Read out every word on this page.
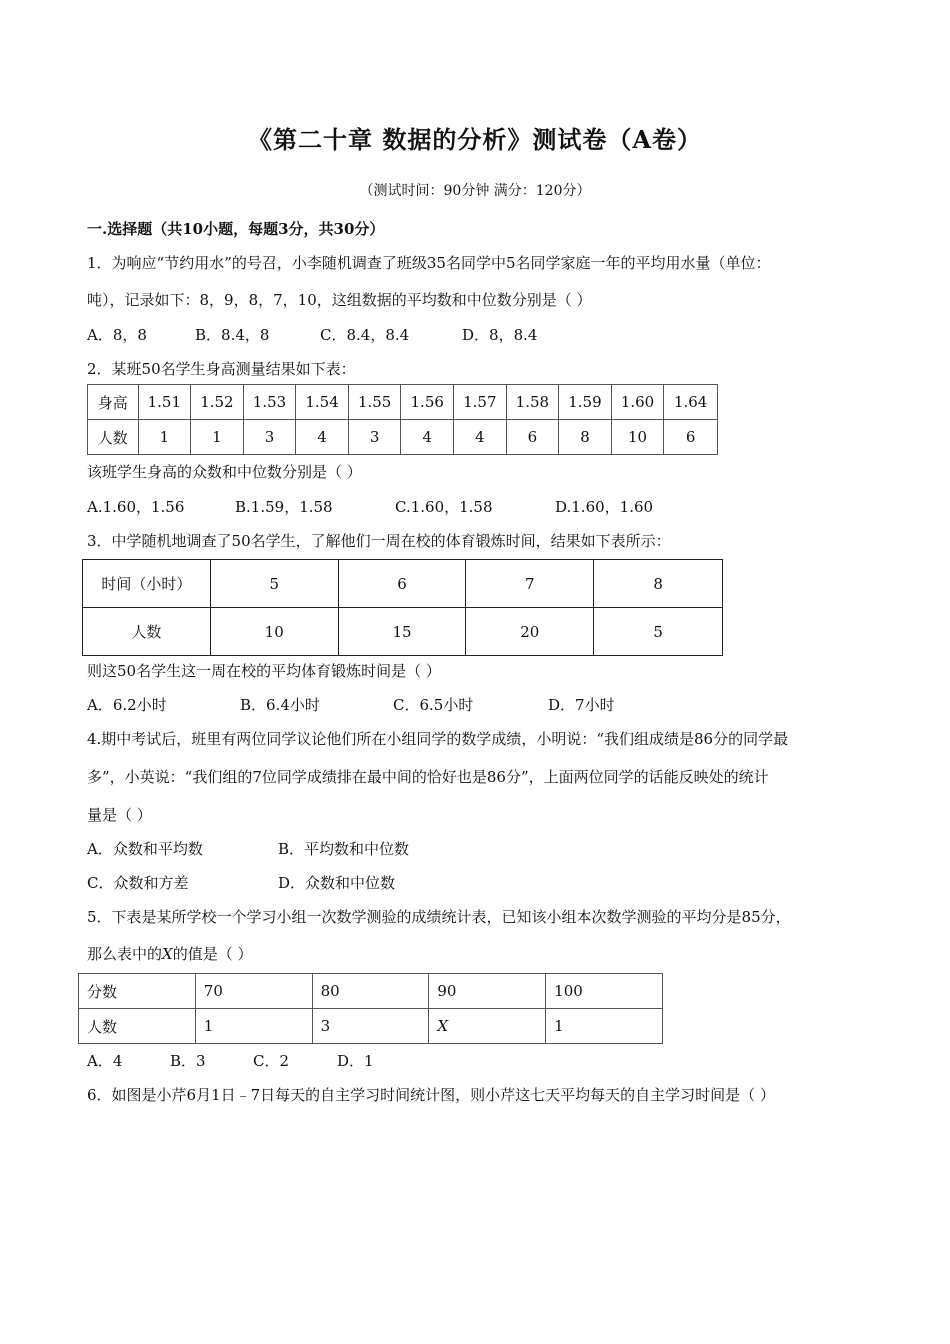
《第二十章 数据的分析》测试卷（A卷）
（测试时间：90分钟 满分：120分）
一.选择题（共10小题，每题3分，共30分）
1．为响应“节约用水”的号召，小李随机调查了班级35名同学中5名同学家庭一年的平均用水量（单位：
吨），记录如下：8，9，8，7，10，这组数据的平均数和中位数分别是（ ）
A．8，8	B．8.4，8	C．8.4，8.4	D．8，8.4
2．某班50名学生身高测量结果如下表：
身高	1.51	1.52	1.53	1.54	1.55	1.56	1.57	1.58	1.59	1.60	1.64
人数	1	1	3	4	3	4	4	6	8	10	6
该班学生身高的众数和中位数分别是（ ）
A.1.60，1.56	B.1.59，1.58	C.1.60，1.58	D.1.60，1.60
3．中学随机地调查了50名学生，了解他们一周在校的体育锻炼时间，结果如下表所示：
时间（小时）	5	6	7	8
人数	10	15	20	5
则这50名学生这一周在校的平均体育锻炼时间是（ ）
A．6.2小时	B．6.4小时	C．6.5小时	D．7小时
4.期中考试后，班里有两位同学议论他们所在小组同学的数学成绩，小明说：“我们组成绩是86分的同学最
多”，小英说：“我们组的7位同学成绩排在最中间的恰好也是86分”，上面两位同学的话能反映处的统计
量是（ ）
A．众数和平均数	B．平均数和中位数
C．众数和方差	D．众数和中位数
5．下表是某所学校一个学习小组一次数学测验的成绩统计表，已知该小组本次数学测验的平均分是85分，
那么表中的X的值是（ ）
分数	70	80	90	100
人数	1	3	X	1
A．4	B．3	C．2	D．1
6．如图是小芹6月1日﹣7日每天的自主学习时间统计图，则小芹这七天平均每天的自主学习时间是（ ）
